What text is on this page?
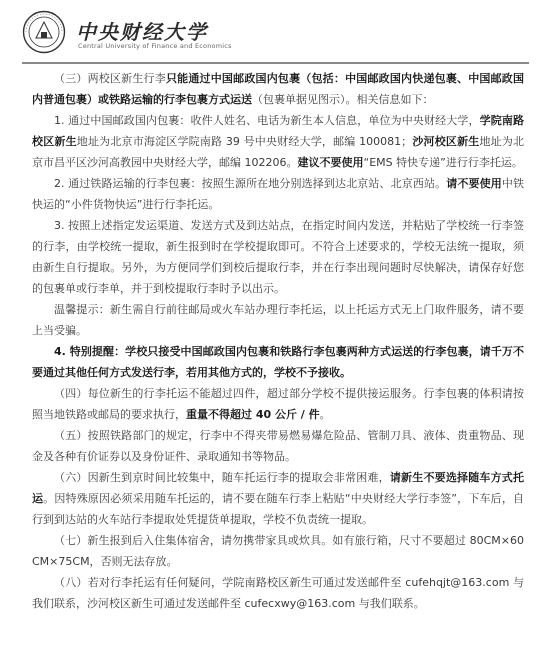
中央财经大学
Central University of Finance and Economics

（三）两校区新生行李只能通过中国邮政国内包裹（包括：中国邮政国内快递包裹、中国邮政国内普通包裹）或铁路运输的行李包裹方式运送（包裹单据见图示）。相关信息如下：

1. 通过中国邮政国内包裹：收件人姓名、电话为新生本人信息，单位为中央财经大学，学院南路校区新生地址为北京市海淀区学院南路 39 号中央财经大学，邮编 100081；沙河校区新生地址为北京市昌平区沙河高教园中央财经大学，邮编 102206。建议不要使用“EMS 特快专递”进行行李托运。

2. 通过铁路运输的行李包裹：按照生源所在地分别选择到达北京站、北京西站。请不要使用中铁快运的“小件货物快运”进行行李托运。

3. 按照上述指定发运渠道、发送方式及到达站点，在指定时间内发送，并粘贴了学校统一行李签的行李，由学校统一提取，新生报到时在学校提取即可。不符合上述要求的，学校无法统一提取，须由新生自行提取。另外，为方便同学们到校后提取行李，并在行李出现问题时尽快解决，请保存好您的包裹单或行李单，并于到校提取行李时予以出示。

温馨提示：新生需自行前往邮局或火车站办理行李托运，以上托运方式无上门取件服务，请不要上当受骗。

4. 特别提醒：学校只接受中国邮政国内包裹和铁路行李包裹两种方式运送的行李包裹，请千万不要通过其他任何方式发送行李，若用其他方式的，学校不予接收。

（四）每位新生的行李托运不能超过四件，超过部分学校不提供接运服务。行李包裹的体积请按照当地铁路或邮局的要求执行，重量不得超过 40 公斤 / 件。

（五）按照铁路部门的规定，行李中不得夹带易燃易爆危险品、管制刀具、液体、贵重物品、现金及各种有价证券以及身份证件、录取通知书等物品。

（六）因新生到京时间比较集中，随车托运行李的提取会非常困难，请新生不要选择随车方式托运。因特殊原因必须采用随车托运的，请不要在随车行李上粘贴“中央财经大学行李签”，下车后，自行到到达站的火车站行李提取处凭提货单提取，学校不负责统一提取。

（七）新生报到后入住集体宿舍，请勿携带家具或炊具。如有旅行箱，尺寸不要超过 80CM×60CM×75CM，否则无法存放。

（八）若对行李托运有任何疑问，学院南路校区新生可通过发送邮件至 cufehqjt@163.com 与我们联系，沙河校区新生可通过发送邮件至 cufecxwy@163.com 与我们联系。
